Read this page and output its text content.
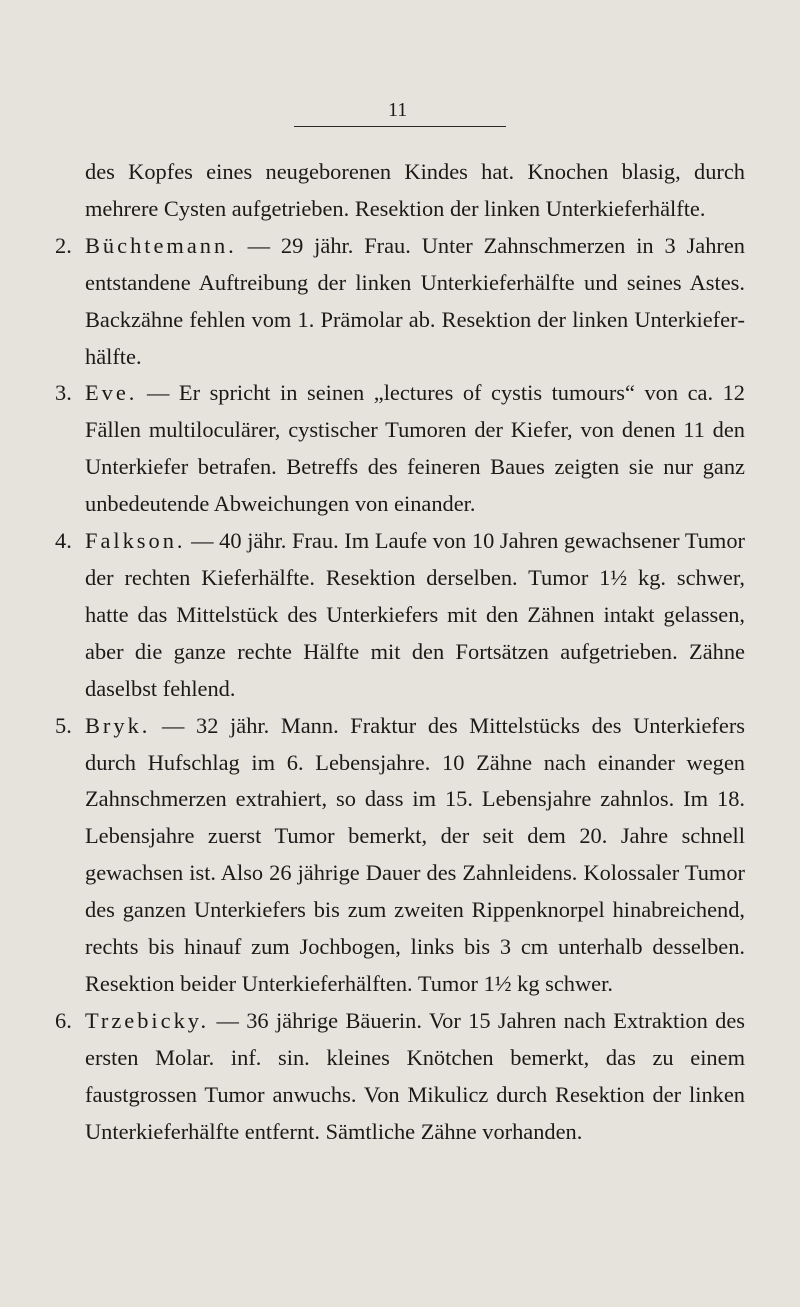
11

des Kopfes eines neugeborenen Kindes hat. Knochen blasig, durch mehrere Cysten aufgetrieben. Resektion der linken Unterkieferhälfte.

2. Büchtemann. — 29 jähr. Frau. Unter Zahnschmerzen in 3 Jahren entstandene Auftreibung der linken Unterkieferhälfte und seines Astes. Backzähne fehlen vom 1. Prämolar ab. Resektion der linken Unterkieferhälfte.

3. Eve. — Er spricht in seinen „lectures of cystis tumours“ von ca. 12 Fällen multiloculärer, cystischer Tumoren der Kiefer, von denen 11 den Unterkiefer betrafen. Betreffs des feineren Baues zeigten sie nur ganz unbedeutende Abweichungen von einander.

4. Falkson. — 40 jähr. Frau. Im Laufe von 10 Jahren gewachsener Tumor der rechten Kieferhälfte. Resektion derselben. Tumor 1½ kg. schwer, hatte das Mittelstück des Unterkiefers mit den Zähnen intakt gelassen, aber die ganze rechte Hälfte mit den Fortsätzen aufgetrieben. Zähne daselbst fehlend.

5. Bryk. — 32 jähr. Mann. Fraktur des Mittelstücks des Unterkiefers durch Hufschlag im 6. Lebensjahre. 10 Zähne nach einander wegen Zahnschmerzen extrahiert, so dass im 15. Lebensjahre zahnlos. Im 18. Lebensjahre zuerst Tumor bemerkt, der seit dem 20. Jahre schnell gewachsen ist. Also 26 jährige Dauer des Zahnleidens. Kolossaler Tumor des ganzen Unterkiefers bis zum zweiten Rippenknorpel hinabreichend, rechts bis hinauf zum Jochbogen, links bis 3 cm unterhalb desselben. Resektion beider Unterkieferhälften. Tumor 1½ kg schwer.

6. Trzebicky. — 36 jährige Bäuerin. Vor 15 Jahren nach Extraktion des ersten Molar. inf. sin. kleines Knötchen bemerkt, das zu einem faustgrossen Tumor anwuchs. Von Mikulicz durch Resektion der linken Unterkieferhälfte entfernt. Sämtliche Zähne vorhanden.
